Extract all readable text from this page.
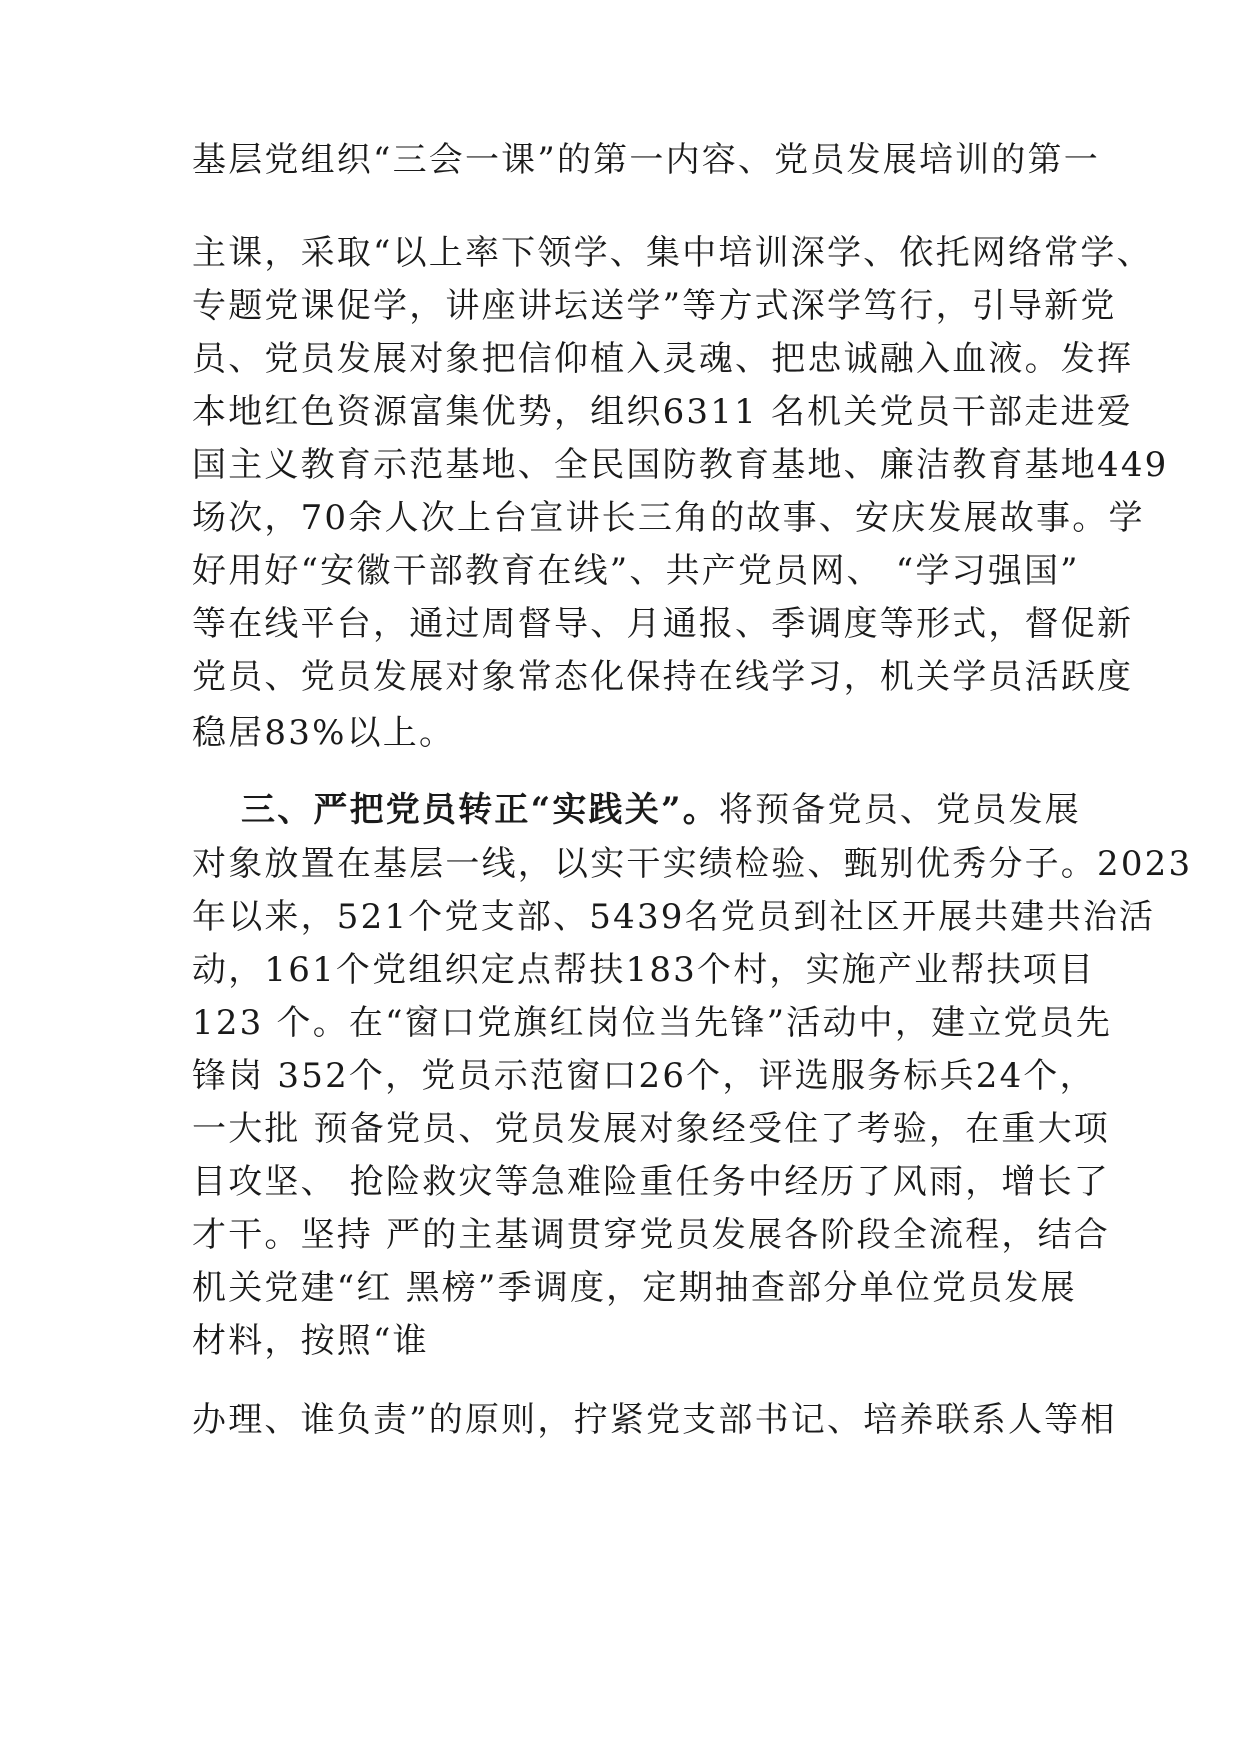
基层党组织“三会一课”的第一内容、党员发展培训的第一
主课，采取“以上率下领学、集中培训深学、依托网络常学、
专题党课促学，讲座讲坛送学”等方式深学笃行，引导新党
员、党员发展对象把信仰植入灵魂、把忠诚融入血液。发挥
本地红色资源富集优势，组织6311 名机关党员干部走进爱
国主义教育示范基地、全民国防教育基地、廉洁教育基地449
场次，70余人次上台宣讲长三角的故事、安庆发展故事。学
好用好“安徽干部教育在线”、共产党员网、 “学习强国”
等在线平台，通过周督导、月通报、季调度等形式，督促新
党员、党员发展对象常态化保持在线学习，机关学员活跃度
稳居83%以上。
三、严把党员转正“实践关”。将预备党员、党员发展
对象放置在基层一线，以实干实绩检验、甄别优秀分子。2023
年以来，521个党支部、5439名党员到社区开展共建共治活
动，161个党组织定点帮扶183个村，实施产业帮扶项目
123 个。在“窗口党旗红岗位当先锋”活动中，建立党员先
锋岗 352个，党员示范窗口26个，评选服务标兵24个，
一大批 预备党员、党员发展对象经受住了考验，在重大项
目攻坚、 抢险救灾等急难险重任务中经历了风雨，增长了
才干。坚持 严的主基调贯穿党员发展各阶段全流程，结合
机关党建“红 黑榜”季调度，定期抽查部分单位党员发展
材料，按照“谁
办理、谁负责”的原则，拧紧党支部书记、培养联系人等相
